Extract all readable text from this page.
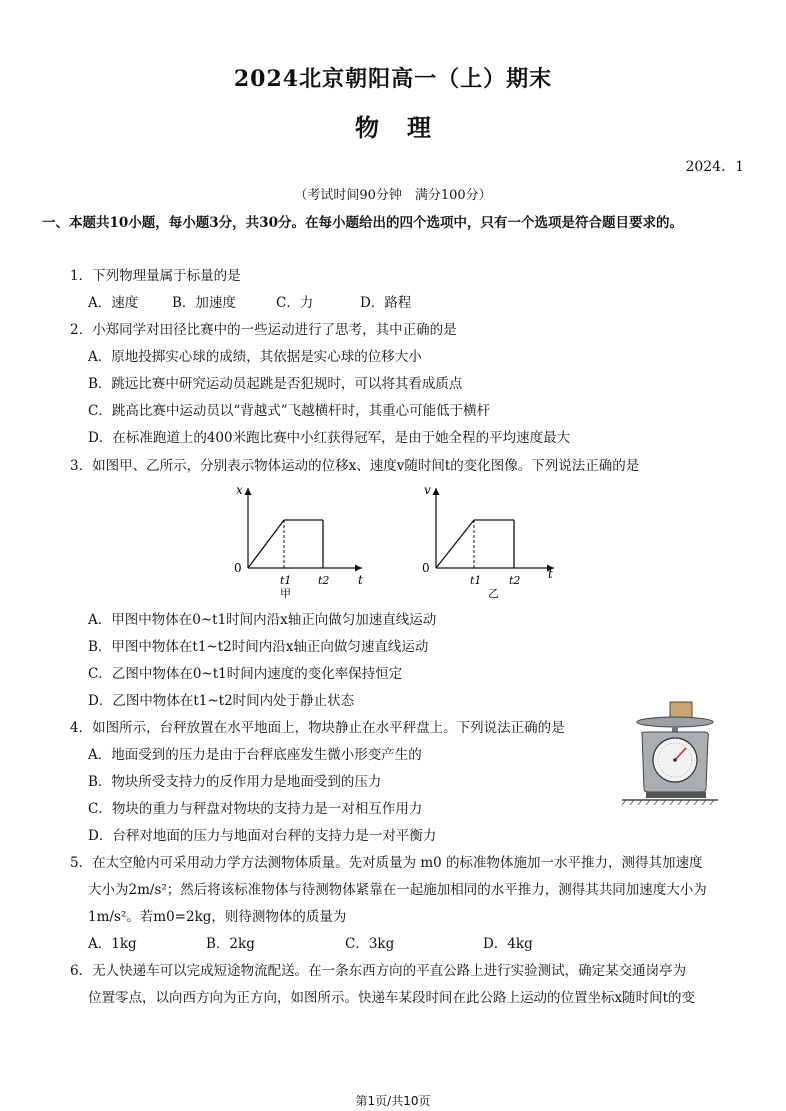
2024北京朝阳高一（上）期末
物理
2024．1
（考试时间90分钟　满分100分）
一、本题共10小题，每小题3分，共30分。在每小题给出的四个选项中，只有一个选项是符合题目要求的。
1．下列物理量属于标量的是
A．速度	B．加速度	C．力	D．路程
2．小郑同学对田径比赛中的一些运动进行了思考，其中正确的是
A．原地投掷实心球的成绩，其依据是实心球的位移大小
B．跳远比赛中研究运动员起跳是否犯规时，可以将其看成质点
C．跳高比赛中运动员以“背越式”飞越横杆时，其重心可能低于横杆
D．在标准跑道上的400米跑比赛中小红获得冠军，是由于她全程的平均速度最大
3．如图甲、乙所示，分别表示物体运动的位移x、速度v随时间t的变化图像。下列说法正确的是
x
t
0
t1 t2
甲
v
t
0
t1	t2
乙
A．甲图中物体在0~t1时间内沿x轴正向做匀加速直线运动
B．甲图中物体在t1~t2时间内沿x轴正向做匀速直线运动
C．乙图中物体在0~t1时间内速度的变化率保持恒定
D．乙图中物体在t1~t2时间内处于静止状态
4．如图所示，台秤放置在水平地面上，物块静止在水平秤盘上。下列说法正确的是
A．地面受到的压力是由于台秤底座发生微小形变产生的
B．物块所受支持力的反作用力是地面受到的压力
C．物块的重力与秤盘对物块的支持力是一对相互作用力
D．台秤对地面的压力与地面对台秤的支持力是一对平衡力
5．在太空舱内可采用动力学方法测物体质量。先对质量为 m0 的标准物体施加一水平推力，测得其加速度
大小为2m/s²；然后将该标准物体与待测物体紧靠在一起施加相同的水平推力，测得其共同加速度大小为
1m/s²。若m0=2kg，则待测物体的质量为
A．1kg	B．2kg	C．3kg	D．4kg
6．无人快递车可以完成短途物流配送。在一条东西方向的平直公路上进行实验测试，确定某交通岗亭为
位置零点，以向西方向为正方向，如图所示。快递车某段时间在此公路上运动的位置坐标x随时间t的变
第1页/共10页
